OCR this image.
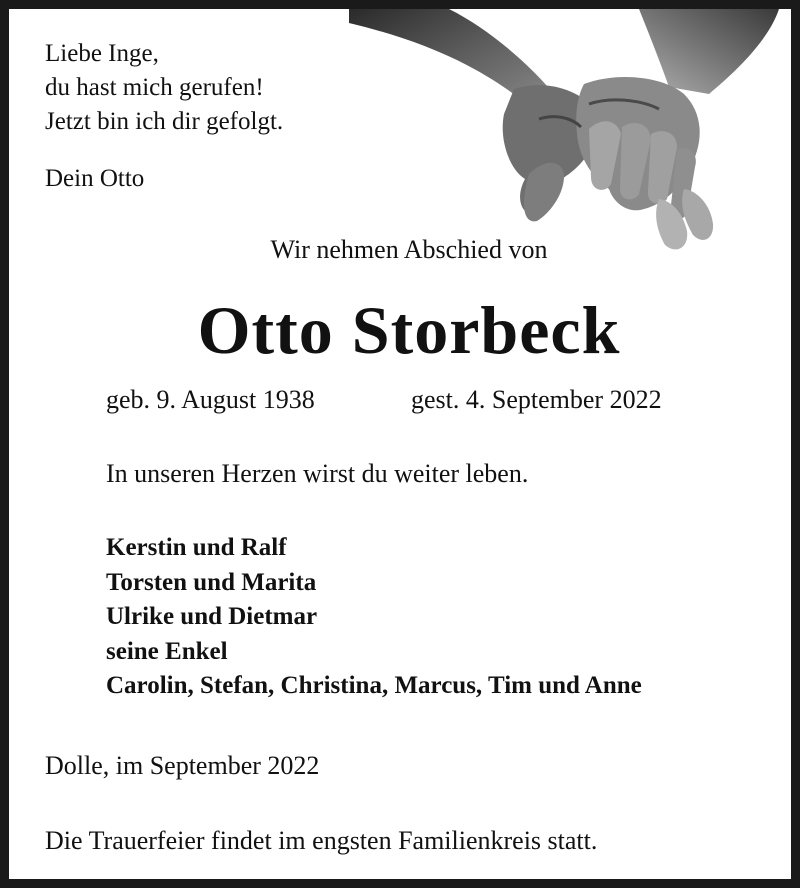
Liebe Inge,
du hast mich gerufen!
Jetzt bin ich dir gefolgt.
Dein Otto
Wir nehmen Abschied von
Otto Storbeck
geb. 9. August 1938	gest. 4. September 2022
In unseren Herzen wirst du weiter leben.
Kerstin und Ralf
Torsten und Marita
Ulrike und Dietmar
seine Enkel
Carolin, Stefan, Christina, Marcus, Tim und Anne
Dolle, im September 2022
Die Trauerfeier findet im engsten Familienkreis statt.
